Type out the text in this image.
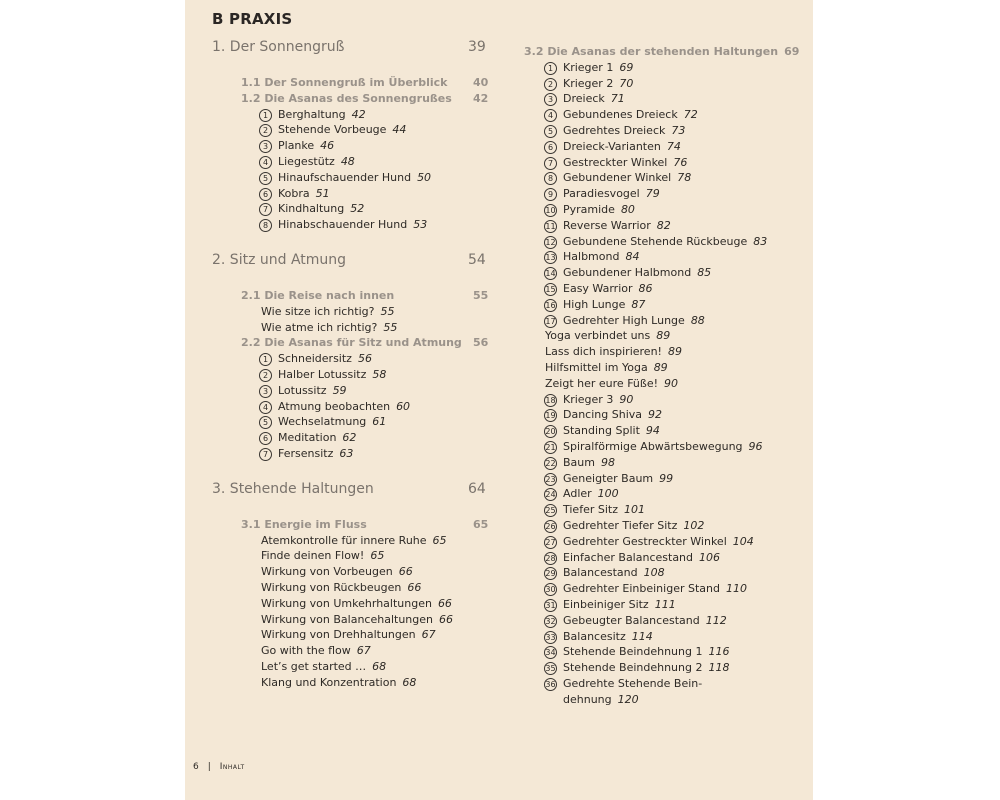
B PRAXIS
1. Der Sonnengruß	39
1.1 Der Sonnengruß im Überblick 40
1.2 Die Asanas des Sonnengrußes 42
1 Berghaltung 42
2 Stehende Vorbeuge 44
3 Planke 46
4 Liegestütz 48
5 Hinaufschauender Hund 50
6 Kobra 51
7 Kindhaltung 52
8 Hinabschauender Hund 53
2. Sitz und Atmung	54
2.1 Die Reise nach innen	55
Wie sitze ich richtig? 55
Wie atme ich richtig? 55
2.2 Die Asanas für Sitz und Atmung 56
1 Schneidersitz 56
2 Halber Lotussitz 58
3 Lotussitz 59
4 Atmung beobachten 60
5 Wechselatmung 61
6 Meditation 62
7 Fersensitz 63
3. Stehende Haltungen	64
3.1 Energie im Fluss	65
Atemkontrolle für innere Ruhe 65
Finde deinen Flow! 65
Wirkung von Vorbeugen 66
Wirkung von Rückbeugen 66
Wirkung von Umkehrhaltungen 66
Wirkung von Balancehaltungen 66
Wirkung von Drehhaltungen 67
Go with the flow 67
Let’s get started … 68
Klang und Konzentration 68
3.2 Die Asanas der stehenden Haltungen 69
1 Krieger 1 69
2 Krieger 2 70
3 Dreieck 71
4 Gebundenes Dreieck 72
5 Gedrehtes Dreieck 73
6 Dreieck-Varianten 74
7 Gestreckter Winkel 76
8 Gebundener Winkel 78
9 Paradiesvogel 79
10 Pyramide 80
11 Reverse Warrior 82
12 Gebundene Stehende Rückbeuge 83
13 Halbmond 84
14 Gebundener Halbmond 85
15 Easy Warrior 86
16 High Lunge 87
17 Gedrehter High Lunge 88
Yoga verbindet uns 89
Lass dich inspirieren! 89
Hilfsmittel im Yoga 89
Zeigt her eure Füße! 90
18 Krieger 3 90
19 Dancing Shiva 92
20 Standing Split 94
21 Spiralförmige Abwärtsbewegung 96
22 Baum 98
23 Geneigter Baum 99
24 Adler 100
25 Tiefer Sitz 101
26 Gedrehter Tiefer Sitz 102
27 Gedrehter Gestreckter Winkel 104
28 Einfacher Balancestand 106
29 Balancestand 108
30 Gedrehter Einbeiniger Stand 110
31 Einbeiniger Sitz 111
32 Gebeugter Balancestand 112
33 Balancesitz 114
34 Stehende Beindehnung 1 116
35 Stehende Beindehnung 2 118
36 Gedrehte Stehende Bein-
dehnung 120
6 | Inhalt
